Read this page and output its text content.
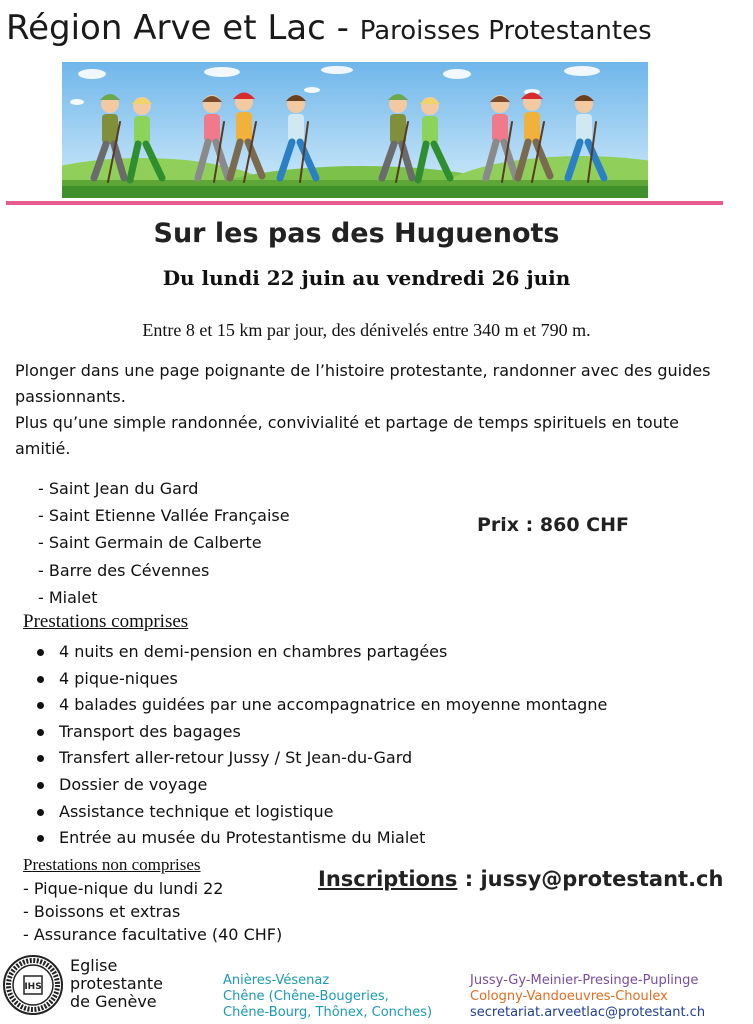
Région Arve et Lac - Paroisses Protestantes
Sur les pas des Huguenots
Du lundi 22 juin au vendredi 26 juin
Entre 8 et 15 km par jour, des dénivelés entre 340 m et 790 m.
Plonger dans une page poignante de l’histoire protestante, randonner avec des guides passionnants.
Plus qu’une simple randonnée, convivialité et partage de temps spirituels en toute amitié.
- Saint Jean du Gard
- Saint Etienne Vallée Française
- Saint Germain de Calberte
- Barre des Cévennes
- Mialet
Prix : 860 CHF
Prestations comprises
4 nuits en demi-pension en chambres partagées
4 pique-niques
4 balades guidées par une accompagnatrice en moyenne montagne
Transport des bagages
Transfert aller-retour Jussy / St Jean-du-Gard
Dossier de voyage
Assistance technique et logistique
Entrée au musée du Protestantisme du Mialet
Prestations non comprises
- Pique-nique du lundi 22
- Boissons et extras
- Assurance facultative (40 CHF)
Inscriptions : jussy@protestant.ch
IHS
Eglise
protestante
de Genève
Anières-Vésenaz
Chêne (Chêne-Bougeries,
Chêne-Bourg, Thônex, Conches)
Jussy-Gy-Meinier-Presinge-Puplinge
Cologny-Vandoeuvres-Choulex
secretariat.arveetlac@protestant.ch
